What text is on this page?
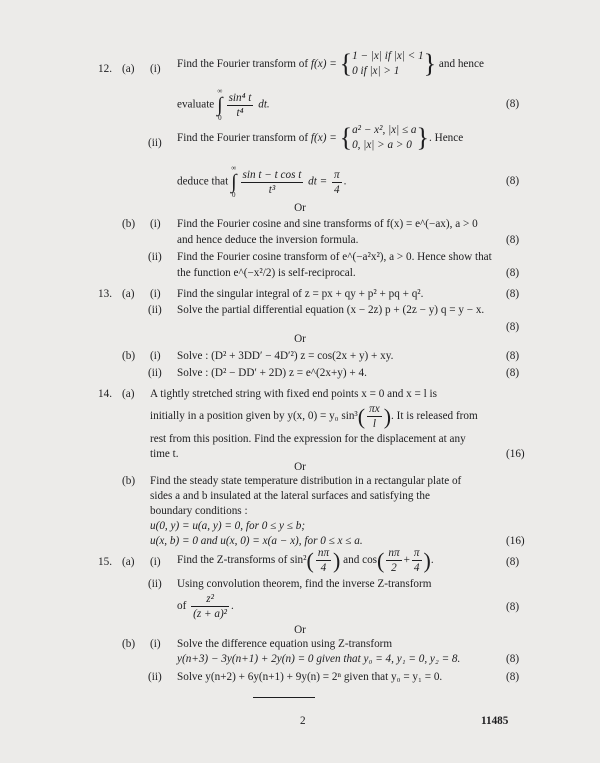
12. (a) (i) Find the Fourier transform of f(x) = { 1 − |x| if |x| < 1
0 if |x| > 1 } and hence
evaluate
∞
∫
$0 \frac{\text{sin⁴ t}}{\text{t⁴}}$ dt.	(8)
(ii) Find the Fourier transform of f(x) = { a² − x², |x| ≤ a
0, |x| > a > 0 }. Hence
deduce that
∞
∫
$0 \frac{\text{sin t − t cos t}}{\text{t³}}$ dt = $\frac{\pi}{4}$ .	(8)
Or
(b) (i) Find the Fourier cosine and sine transforms of f(x) = e^(−ax), a > 0
and hence deduce the inversion formula.	(8)
(ii) Find the Fourier cosine transform of e^(−a²x²), a > 0. Hence show that
the function e^(−x²/2) is self-reciprocal.	(8)
13. (a) (i) Find the singular integral of z = px + qy + p² + pq + q².	(8)
(ii) Solve the partial differential equation (x − 2z) p + (2z − y) q = y − x.
(8)
Or
(b) (i) Solve : (D² + 3DD′ − 4D′²) z = cos(2x + y) + xy.	(8)
(ii) Solve : (D² − DD′ + 2D) z = e^(2x+y) + 4.	(8)
14. (a) A tightly stretched string with fixed end points x = 0 and x = l is
initially in a position given by y(x, 0) = y₀ $\sin^3( \frac{\pi x}{l}$ ). It is released from
rest from this position. Find the expression for the displacement at any
time t.	(16)
Or
(b) Find the steady state temperature distribution in a rectangular plate of
sides a and b insulated at the lateral surfaces and satisfying the
boundary conditions :
u(0, y) = u(a, y) = 0, for 0 ≤ y ≤ b;
u(x, b) = 0 and u(x, 0) = x(a − x), for 0 ≤ x ≤ a.	(16)
15. (a) (i) Find the Z-transforms of $\sin^2( \frac{n\pi}{4}$ ) and $\cos( \frac{n\pi}{2} + \frac{\pi}{4}$ ).	(8)
(ii) Using convolution theorem, find the inverse Z-transform
of $\frac{\text{z²}}{\text{(z + a)²}}$ .	(8)
Or
(b) (i) Solve the difference equation using Z-transform
y(n+3) − 3y(n+1) + 2y(n) = 0 given that y₀ = 4, y₁ = 0, y₂ = 8.	(8)
(ii) Solve y(n+2) + 6y(n+1) + 9y(n) = 2ⁿ given that y₀ = y₁ = 0.	(8)
2	11485
